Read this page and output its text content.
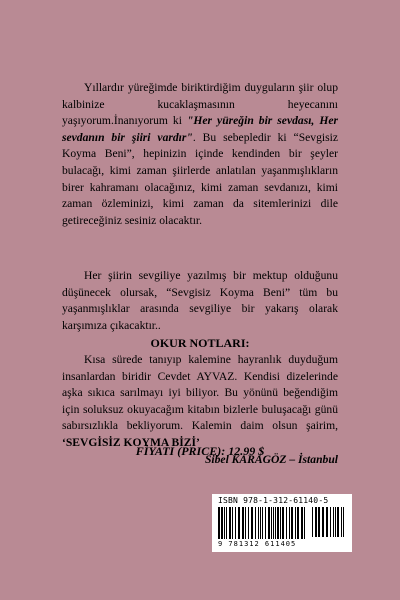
Yıllardır yüreğimde biriktirdiğim duyguların şiir olup kalbinize kucaklaşmasının heyecanını yaşıyorum.İnanıyorum ki "Her yüreğin bir sevdası, Her sevdanın bir şiiri vardır". Bu sebepledir ki “Sevgisiz Koyma Beni”, hepinizin içinde kendinden bir şeyler bulacağı, kimi zaman şiirlerde anlatılan yaşanmışlıkların birer kahramanı olacağınız, kimi zaman sevdanızı, kimi zaman özleminizi, kimi zaman da sitemlerinizi dile getireceğiniz sesiniz olacaktır.
Her şiirin sevgiliye yazılmış bir mektup olduğunu düşünecek olursak, “Sevgisiz Koyma Beni” tüm bu yaşanmışlıklar arasında sevgiliye bir yakarış olarak karşımıza çıkacaktır..
OKUR NOTLARI:
Kısa sürede tanıyıp kalemine hayranlık duyduğum insanlardan biridir Cevdet AYVAZ. Kendisi dizelerinde aşka sıkıca sarılmayı iyi biliyor. Bu yönünü beğendiğim için soluksuz okuyacağım kitabın bizlerle buluşacağı günü sabırsızlıkla bekliyorum. Kalemin daim olsun şairim, ‘SEVGİSİZ KOYMA BİZİ’
Sibel KARAGÖZ – İstanbul
FİYATI (PRICE): 12.99 $
ISBN 978-1-312-61140-5
9 781312 611405
